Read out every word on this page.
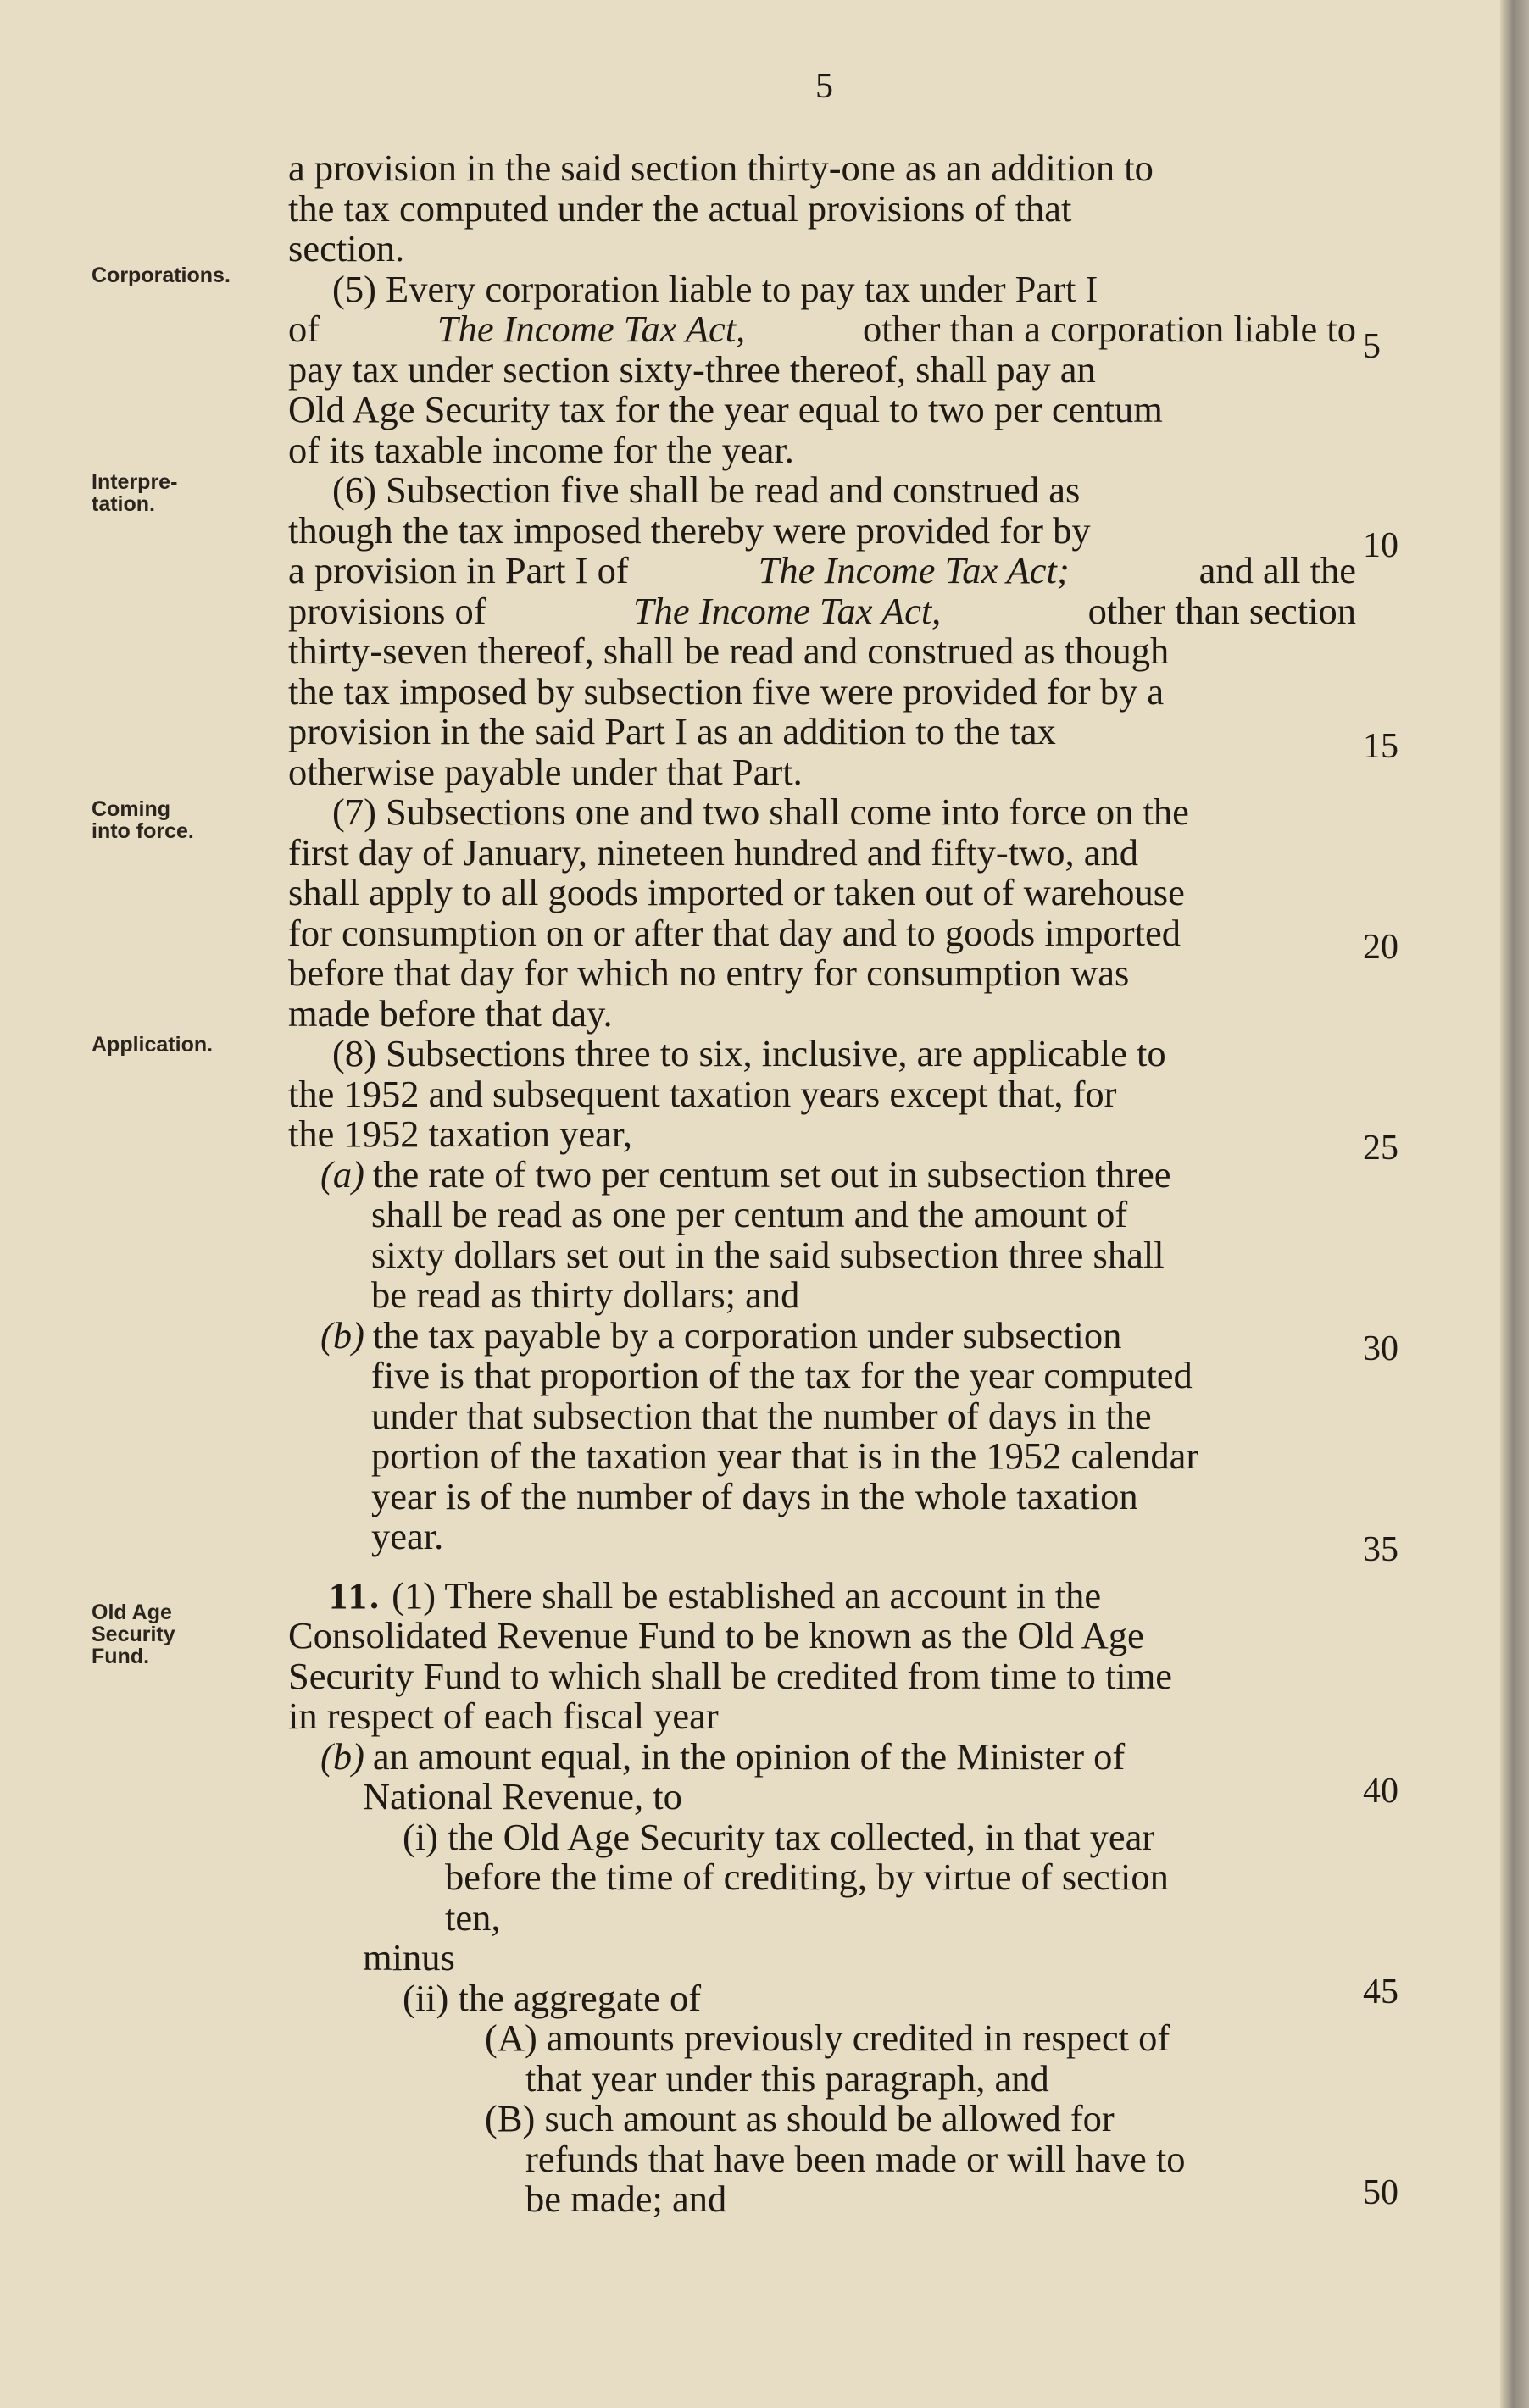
5
Corporations.
Interpre-
tation.
Coming
into force.
Application.
Old Age
Security
Fund.
5
10
15
20
25
30
35
40
45
50
a provision in the said section thirty-one as an addition to
the tax computed under the actual provisions of that
section.
(5) Every corporation liable to pay tax under Part I
of	The Income Tax Act,	other than a corporation liable to
pay tax under section sixty-three thereof, shall pay an
Old Age Security tax for the year equal to two per centum
of its taxable income for the year.
(6) Subsection five shall be read and construed as
though the tax imposed thereby were provided for by
a provision in Part I of	The Income Tax Act;	and all the
provisions of	The Income Tax Act,	other than section
thirty-seven thereof, shall be read and construed as though
the tax imposed by subsection five were provided for by a
provision in the said Part I as an addition to the tax
otherwise payable under that Part.
(7) Subsections one and two shall come into force on the
first day of January, nineteen hundred and fifty-two, and
shall apply to all goods imported or taken out of warehouse
for consumption on or after that day and to goods imported
before that day for which no entry for consumption was
made before that day.
(8) Subsections three to six, inclusive, are applicable to
the 1952 and subsequent taxation years except that, for
the 1952 taxation year,
(a) the rate of two per centum set out in subsection three
shall be read as one per centum and the amount of
sixty dollars set out in the said subsection three shall
be read as thirty dollars; and
(b) the tax payable by a corporation under subsection
five is that proportion of the tax for the year computed
under that subsection that the number of days in the
portion of the taxation year that is in the 1952 calendar
year is of the number of days in the whole taxation
year.
11. (1) There shall be established an account in the
Consolidated Revenue Fund to be known as the Old Age
Security Fund to which shall be credited from time to time
in respect of each fiscal year
(b) an amount equal, in the opinion of the Minister of
National Revenue, to
(i) the Old Age Security tax collected, in that year
before the time of crediting, by virtue of section
ten,
minus
(ii) the aggregate of
(A) amounts previously credited in respect of
that year under this paragraph, and
(B) such amount as should be allowed for
refunds that have been made or will have to
be made; and
